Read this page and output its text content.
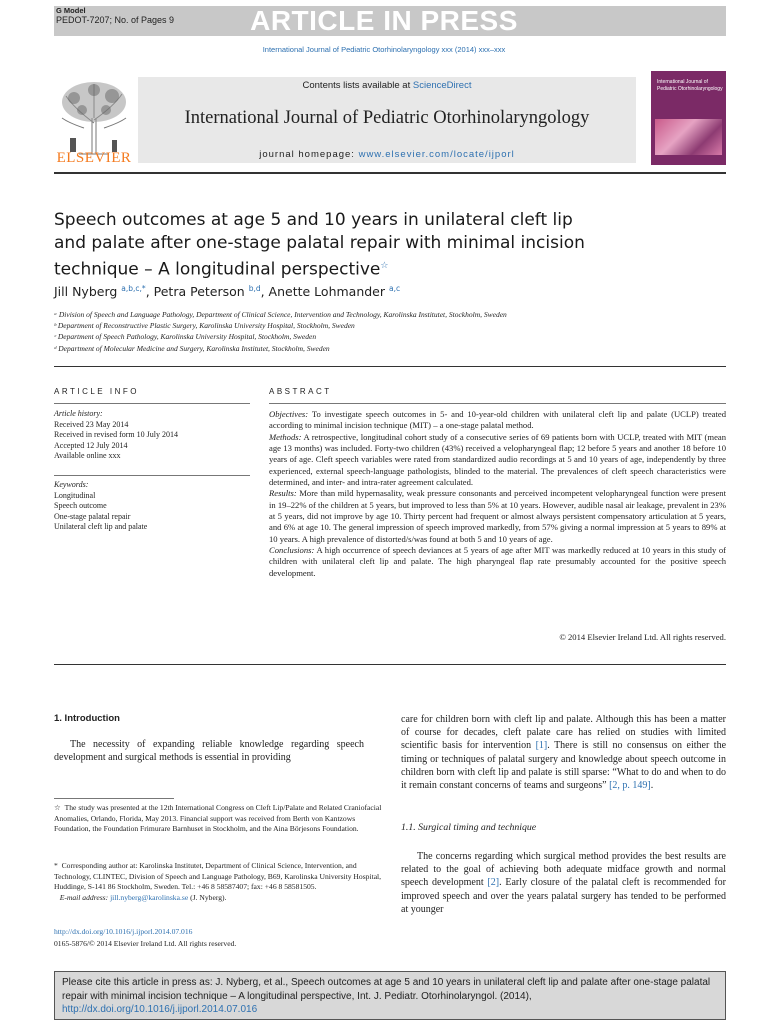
G Model
PEDOT-7207; No. of Pages 9	ARTICLE IN PRESS
International Journal of Pediatric Otorhinolaryngology xxx (2014) xxx–xxx
ELSEVIER
Contents lists available at ScienceDirect
International Journal of Pediatric Otorhinolaryngology
journal homepage: www.elsevier.com/locate/ijporl
International Journal of Pediatric Otorhinolaryngology
Speech outcomes at age 5 and 10 years in unilateral cleft lip
and palate after one-stage palatal repair with minimal incision
technique – A longitudinal perspective☆
Jill Nyberg $^{a,b,c,*}$, Petra Peterson $^{b,d}$, Anette Lohmander $^{a,c}$
ᵃ Division of Speech and Language Pathology, Department of Clinical Science, Intervention and Technology, Karolinska Institutet, Stockholm, Sweden
ᵇ Department of Reconstructive Plastic Surgery, Karolinska University Hospital, Stockholm, Sweden
ᶜ Department of Speech Pathology, Karolinska University Hospital, Stockholm, Sweden
ᵈ Department of Molecular Medicine and Surgery, Karolinska Institutet, Stockholm, Sweden
ARTICLE INFO
Article history:
Received 23 May 2014
Received in revised form 10 July 2014
Accepted 12 July 2014
Available online xxx
Keywords:
Longitudinal
Speech outcome
One-stage palatal repair
Unilateral cleft lip and palate
ABSTRACT
Objectives: To investigate speech outcomes in 5- and 10-year-old children with unilateral cleft lip and palate (UCLP) treated according to minimal incision technique (MIT) – a one-stage palatal method.
Methods: A retrospective, longitudinal cohort study of a consecutive series of 69 patients born with UCLP, treated with MIT (mean age 13 months) was included. Forty-two children (43%) received a velopharyngeal flap; 12 before 5 years and another 18 before 10 years of age. Cleft speech variables were rated from standardized audio recordings at 5 and 10 years of age, independently by three experienced, external speech-language pathologists, blinded to the material. The prevalences of cleft speech characteristics were determined, and inter- and intra-rater agreement calculated.
Results: More than mild hypernasality, weak pressure consonants and perceived incompetent velopharyngeal function were present in 19–22% of the children at 5 years, but improved to less than 5% at 10 years. However, audible nasal air leakage, prevalent in 23% at 5 years, did not improve by age 10. Thirty percent had frequent or almost always persistent compensatory articulation at 5 years, and 6% at age 10. The general impression of speech improved markedly, from 57% giving a normal impression at 5 years to 89% at 10 years. A high prevalence of distorted/s/was found at both 5 and 10 years of age.
Conclusions: A high occurrence of speech deviances at 5 years of age after MIT was markedly reduced at 10 years in this study of children with unilateral cleft lip and palate. The high pharyngeal flap rate presumably accounted for the positive speech development.
© 2014 Elsevier Ireland Ltd. All rights reserved.
1. Introduction
The necessity of expanding reliable knowledge regarding speech development and surgical methods is essential in providing
☆ The study was presented at the 12th International Congress on Cleft Lip/Palate and Related Craniofacial Anomalies, Orlando, Florida, May 2013. Financial support was received from Berth von Kantzows Foundation, the Foundation Frimurare Barnhuset in Stockholm, and the Aina Börjesons Foundation.
* Corresponding author at: Karolinska Institutet, Department of Clinical Science, Intervention, and Technology, CLINTEC, Division of Speech and Language Pathology, B69, Karolinska University Hospital, Huddinge, S-141 86 Stockholm, Sweden. Tel.: +46 8 58587407; fax: +46 8 58581505.
E-mail address: jill.nyberg@karolinska.se (J. Nyberg).
http://dx.doi.org/10.1016/j.ijporl.2014.07.016
0165-5876/© 2014 Elsevier Ireland Ltd. All rights reserved.
care for children born with cleft lip and palate. Although this has been a matter of course for decades, cleft palate care has relied on studies with limited scientific basis for intervention [1]. There is still no consensus on either the timing or techniques of palatal surgery and knowledge about speech outcome in children born with cleft lip and palate is still sparse: “What to do and when to do it remain constant concerns of teams and surgeons” [2, p. 149].
1.1. Surgical timing and technique
The concerns regarding which surgical method provides the best results are related to the goal of achieving both adequate midface growth and normal speech development [2]. Early closure of the palatal cleft is recommended for improved speech and over the years palatal surgery has tended to be performed at younger
Please cite this article in press as: J. Nyberg, et al., Speech outcomes at age 5 and 10 years in unilateral cleft lip and palate after one-stage palatal repair with minimal incision technique – A longitudinal perspective, Int. J. Pediatr. Otorhinolaryngol. (2014), http://dx.doi.org/10.1016/j.ijporl.2014.07.016
